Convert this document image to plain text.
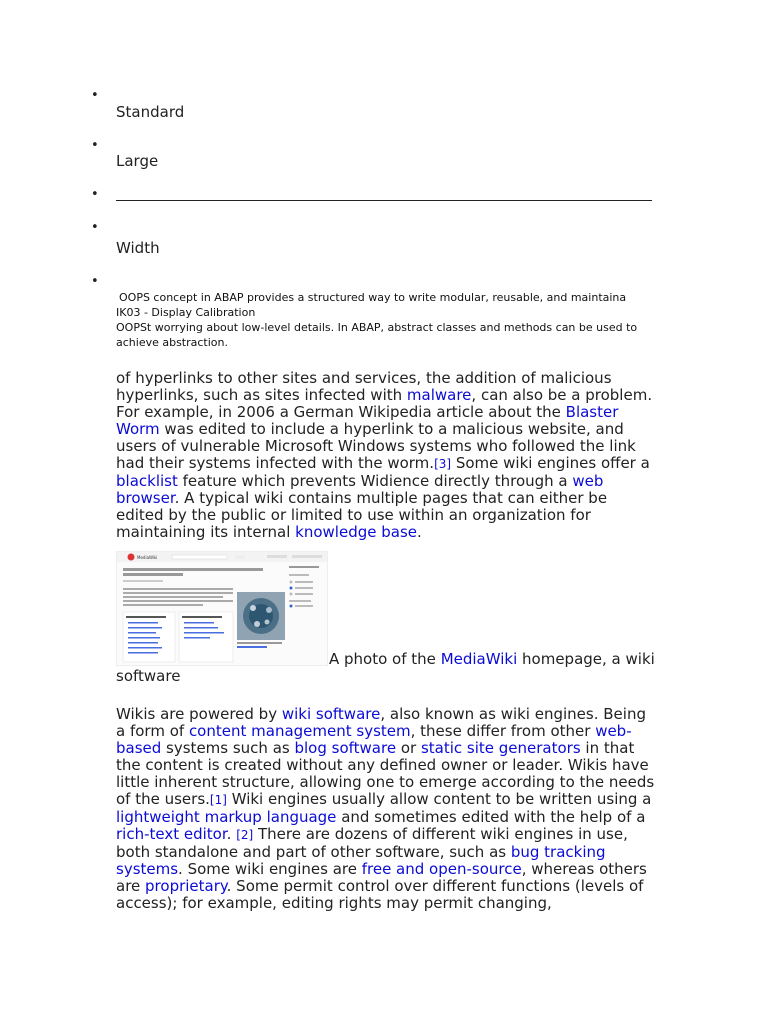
•
Standard
•
Large
•
•
Width
•
OOPS concept in ABAP provides a structured way to write modular, reusable, and maintaina
IK03 - Display Calibration
OOPSt worrying about low-level details. In ABAP, abstract classes and methods can be used to achieve abstraction.
of hyperlinks to other sites and services, the addition of malicious hyperlinks, such as sites infected with malware, can also be a problem. For example, in 2006 a German Wikipedia article about the Blaster Worm was edited to include a hyperlink to a malicious website, and users of vulnerable Microsoft Windows systems who followed the link had their systems infected with the worm.[3] Some wiki engines offer a blacklist feature which prevents Widience directly through a web browser. A typical wiki contains multiple pages that can either be edited by the public or limited to use within an organization for maintaining its internal knowledge base.
MediaWiki
A photo of the MediaWiki homepage, a wiki software
Wikis are powered by wiki software, also known as wiki engines. Being a form of content management system, these differ from other web-based systems such as blog software or static site generators in that the content is created without any defined owner or leader. Wikis have little inherent structure, allowing one to emerge according to the needs of the users.[1] Wiki engines usually allow content to be written using a lightweight markup language and sometimes edited with the help of a rich-text editor. [2] There are dozens of different wiki engines in use, both standalone and part of other software, such as bug tracking systems. Some wiki engines are free and open-source, whereas others are proprietary. Some permit control over different functions (levels of access); for example, editing rights may permit changing,
